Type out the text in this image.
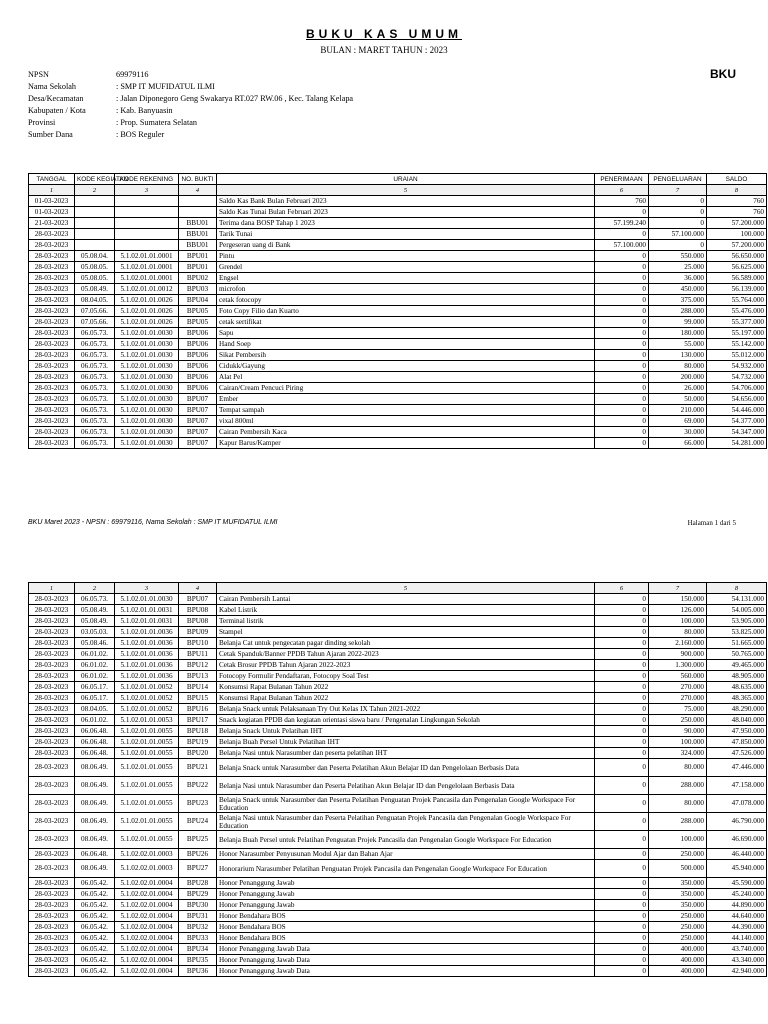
BUKU KAS UMUM
BULAN : MARET TAHUN : 2023
BKU
NPSN	69979116
Nama Sekolah	: SMP IT MUFIDATUL ILMI
Desa/Kecamatan	: Jalan Diponegoro Geng Swakarya RT.027 RW.06 , Kec. Talang Kelapa
Kabupaten / Kota	: Kab. Banyuasin
Provinsi	: Prop. Sumatera Selatan
Sumber Dana	: BOS Reguler
TANGGAL	KODE KEGIATAN	KODE REKENING	NO. BUKTI	URAIAN	PENERIMAAN	PENGELUARAN	SALDO
1	2	3	4	5	6	7	8
01-03-2023				Saldo Kas Bank Bulan Februari 2023	760	0	760
01-03-2023				Saldo Kas Tunai Bulan Februari 2023	0	0	760
21-03-2023			BBU01	Terima dana BOSP Tahap 1 2023	57.199.240	0	57.200.000
28-03-2023			BBU01	Tarik Tunai	0	57.100.000	100.000
28-03-2023			BBU01	Pergeseran uang di Bank	57.100.000	0	57.200.000
28-03-2023	05.08.04.	5.1.02.01.01.0001	BPU01	Pintu	0	550.000	56.650.000
28-03-2023	05.08.05.	5.1.02.01.01.0001	BPU01	Grendel	0	25.000	56.625.000
28-03-2023	05.08.05.	5.1.02.01.01.0001	BPU02	Engsel	0	36.000	56.589.000
28-03-2023	05.08.49.	5.1.02.01.01.0012	BPU03	microfon	0	450.000	56.139.000
28-03-2023	08.04.05.	5.1.02.01.01.0026	BPU04	cetak fotocopy	0	375.000	55.764.000
28-03-2023	07.05.66.	5.1.02.01.01.0026	BPU05	Foto Copy Filio dan Kuarto	0	288.000	55.476.000
28-03-2023	07.05.66.	5.1.02.01.01.0026	BPU05	cetak sertifikat	0	99.000	55.377.000
28-03-2023	06.05.73.	5.1.02.01.01.0030	BPU06	Sapu	0	180.000	55.197.000
28-03-2023	06.05.73.	5.1.02.01.01.0030	BPU06	Hand Soep	0	55.000	55.142.000
28-03-2023	06.05.73.	5.1.02.01.01.0030	BPU06	Sikat Pembersih	0	130.000	55.012.000
28-03-2023	06.05.73.	5.1.02.01.01.0030	BPU06	Cidukk/Gayung	0	80.000	54.932.000
28-03-2023	06.05.73.	5.1.02.01.01.0030	BPU06	Alat Pel	0	200.000	54.732.000
28-03-2023	06.05.73.	5.1.02.01.01.0030	BPU06	Cairan/Cream Pencuci Piring	0	26.000	54.706.000
28-03-2023	06.05.73.	5.1.02.01.01.0030	BPU07	Ember	0	50.000	54.656.000
28-03-2023	06.05.73.	5.1.02.01.01.0030	BPU07	Tempat sampah	0	210.000	54.446.000
28-03-2023	06.05.73.	5.1.02.01.01.0030	BPU07	vixal 800ml	0	69.000	54.377.000
28-03-2023	06.05.73.	5.1.02.01.01.0030	BPU07	Cairan Pembersih Kaca	0	30.000	54.347.000
28-03-2023	06.05.73.	5.1.02.01.01.0030	BPU07	Kapur Barus/Kamper	0	66.000	54.281.000
BKU Maret 2023 - NPSN : 69979116, Nama Sekolah : SMP IT MUFIDATUL ILMI	Halaman 1 dari 5
1	2	3	4	5	6	7	8
28-03-2023	06.05.73.	5.1.02.01.01.0030	BPU07	Cairan Pembersih Lantai	0	150.000	54.131.000
28-03-2023	05.08.49.	5.1.02.01.01.0031	BPU08	Kabel Listrik	0	126.000	54.005.000
28-03-2023	05.08.49.	5.1.02.01.01.0031	BPU08	Terminal listrik	0	100.000	53.905.000
28-03-2023	03.05.03.	5.1.02.01.01.0036	BPU09	Stampel	0	80.000	53.825.000
28-03-2023	05.08.46.	5.1.02.01.01.0036	BPU10	Belanja Cat untuk pengecatan pagar dinding sekolah	0	2.160.000	51.665.000
28-03-2023	06.01.02.	5.1.02.01.01.0036	BPU11	Cetak Spanduk/Banner PPDB Tahun Ajaran 2022-2023	0	900.000	50.765.000
28-03-2023	06.01.02.	5.1.02.01.01.0036	BPU12	Cetak Brosur PPDB Tahun Ajaran 2022-2023	0	1.300.000	49.465.000
28-03-2023	06.01.02.	5.1.02.01.01.0036	BPU13	Fotocopy Formulir Pendaftaran, Fotocopy Soal Test	0	560.000	48.905.000
28-03-2023	06.05.17.	5.1.02.01.01.0052	BPU14	Konsumsi Rapat Bulanan Tahun 2022	0	270.000	48.635.000
28-03-2023	06.05.17.	5.1.02.01.01.0052	BPU15	Konsumsi Rapat Bulanan Tahun 2022	0	270.000	48.365.000
28-03-2023	08.04.05.	5.1.02.01.01.0052	BPU16	Belanja Snack untuk Pelaksanaan Try Out Kelas IX Tahun 2021-2022	0	75.000	48.290.000
28-03-2023	06.01.02.	5.1.02.01.01.0053	BPU17	Snack kegiatan PPDB dan kegiatan orientasi siswa baru / Pengenalan Lingkungan Sekolah	0	250.000	48.040.000
28-03-2023	06.06.48.	5.1.02.01.01.0055	BPU18	Belanja Snack Untuk Pelatihan IHT	0	90.000	47.950.000
28-03-2023	06.06.48.	5.1.02.01.01.0055	BPU19	Belanja Buah Persel Untuk Pelatihan IHT	0	100.000	47.850.000
28-03-2023	06.06.48.	5.1.02.01.01.0055	BPU20	Belanja Nasi untuk Narasumber dan peserta pelatihan IHT	0	324.000	47.526.000
28-03-2023	08.06.49.	5.1.02.01.01.0055	BPU21	Belanja Snack untuk Narasumber dan Peserta Pelatihan Akun Belajar ID dan Pengelolaan Berbasis Data	0	80.000	47.446.000
28-03-2023	08.06.49.	5.1.02.01.01.0055	BPU22	Belanja Nasi untuk Narasumber dan Peserta Pelatihan Akun Belajar ID dan Pengelolaan Berbasis Data	0	288.000	47.158.000
28-03-2023	08.06.49.	5.1.02.01.01.0055	BPU23	Belanja Snack untuk Narasumber dan Peserta Pelatihan Penguatan Projek Pancasila dan Pengenalan Google Workspace For Education	0	80.000	47.078.000
28-03-2023	08.06.49.	5.1.02.01.01.0055	BPU24	Belanja Nasi untuk Narasumber dan Peserta Pelatihan Penguatan Projek Pancasila dan Pengenalan Google Workspace For Education	0	288.000	46.790.000
28-03-2023	08.06.49.	5.1.02.01.01.0055	BPU25	Belanja Buah Persel untuk Pelatihan Penguatan Projek Pancasila dan Pengenalan Google Workspace For Education	0	100.000	46.690.000
28-03-2023	06.06.48.	5.1.02.02.01.0003	BPU26	Honor Narasumber Penyusunan Modul Ajar dan Bahan Ajar	0	250.000	46.440.000
28-03-2023	08.06.49.	5.1.02.02.01.0003	BPU27	Honorarium Narasumber Pelatihan Penguatan Projek Pancasila dan Pengenalan Google Workspace For Education	0	500.000	45.940.000
28-03-2023	06.05.42.	5.1.02.02.01.0004	BPU28	Honor Penanggung Jawab	0	350.000	45.590.000
28-03-2023	06.05.42.	5.1.02.02.01.0004	BPU29	Honor Penanggung Jawab	0	350.000	45.240.000
28-03-2023	06.05.42.	5.1.02.02.01.0004	BPU30	Honor Penanggung Jawab	0	350.000	44.890.000
28-03-2023	06.05.42.	5.1.02.02.01.0004	BPU31	Honor Bendahara BOS	0	250.000	44.640.000
28-03-2023	06.05.42.	5.1.02.02.01.0004	BPU32	Honor Bendahara BOS	0	250.000	44.390.000
28-03-2023	06.05.42.	5.1.02.02.01.0004	BPU33	Honor Bendahara BOS	0	250.000	44.140.000
28-03-2023	06.05.42.	5.1.02.02.01.0004	BPU34	Honor Penanggung Jawab Data	0	400.000	43.740.000
28-03-2023	06.05.42.	5.1.02.02.01.0004	BPU35	Honor Penanggung Jawab Data	0	400.000	43.340.000
28-03-2023	06.05.42.	5.1.02.02.01.0004	BPU36	Honor Penanggung Jawab Data	0	400.000	42.940.000
